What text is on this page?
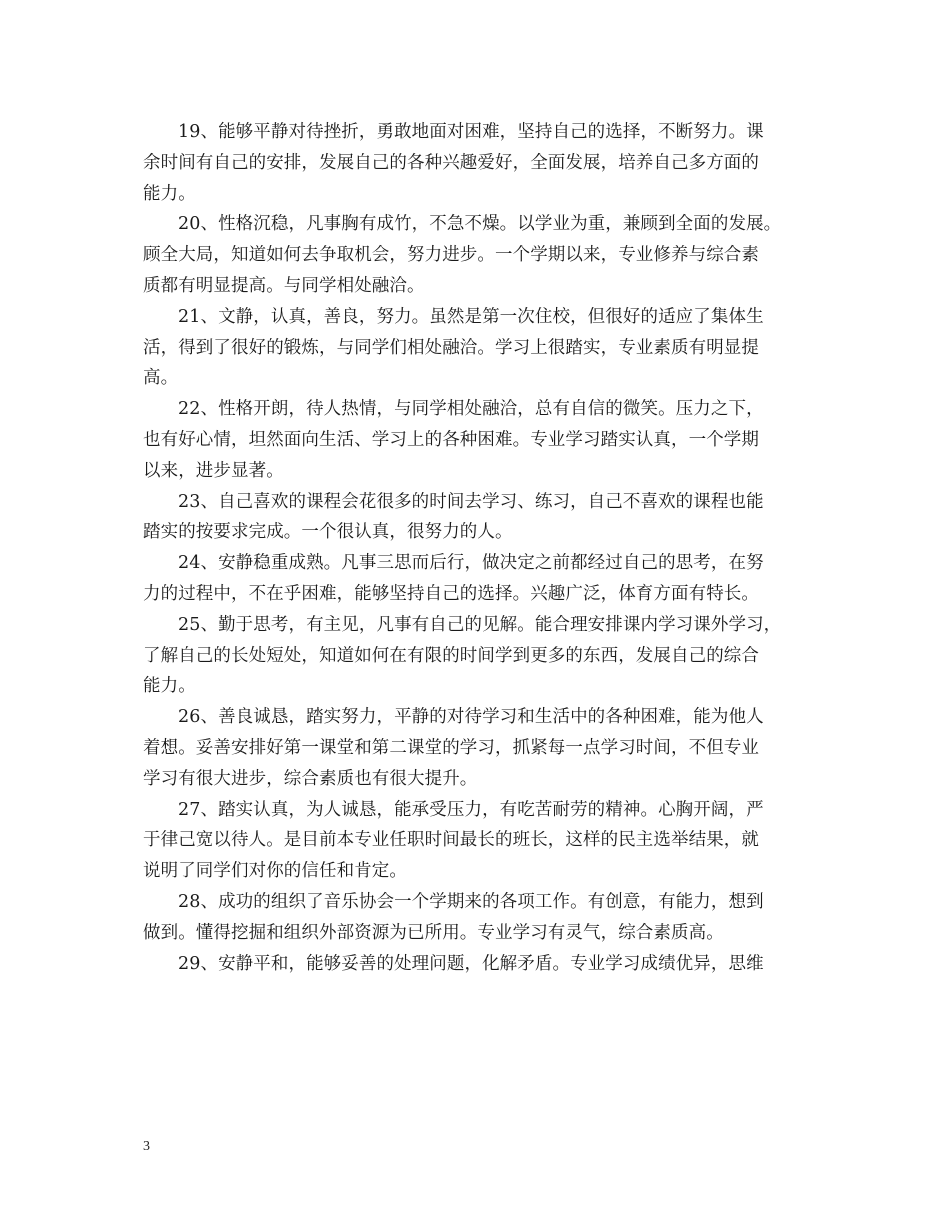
19、能够平静对待挫折，勇敢地面对困难，坚持自己的选择，不断努力。课
余时间有自己的安排，发展自己的各种兴趣爱好，全面发展，培养自己多方面的
能力。

20、性格沉稳，凡事胸有成竹，不急不燥。以学业为重，兼顾到全面的发展。
顾全大局，知道如何去争取机会，努力进步。一个学期以来，专业修养与综合素
质都有明显提高。与同学相处融洽。

21、文静，认真，善良，努力。虽然是第一次住校，但很好的适应了集体生
活，得到了很好的锻炼，与同学们相处融洽。学习上很踏实，专业素质有明显提
高。

22、性格开朗，待人热情，与同学相处融洽，总有自信的微笑。压力之下，
也有好心情，坦然面向生活、学习上的各种困难。专业学习踏实认真，一个学期
以来，进步显著。

23、自己喜欢的课程会花很多的时间去学习、练习，自己不喜欢的课程也能
踏实的按要求完成。一个很认真，很努力的人。

24、安静稳重成熟。凡事三思而后行，做决定之前都经过自己的思考，在努
力的过程中，不在乎困难，能够坚持自己的选择。兴趣广泛，体育方面有特长。

25、勤于思考，有主见，凡事有自己的见解。能合理安排课内学习课外学习，
了解自己的长处短处，知道如何在有限的时间学到更多的东西，发展自己的综合
能力。

26、善良诚恳，踏实努力，平静的对待学习和生活中的各种困难，能为他人
着想。妥善安排好第一课堂和第二课堂的学习，抓紧每一点学习时间，不但专业
学习有很大进步，综合素质也有很大提升。

27、踏实认真，为人诚恳，能承受压力，有吃苦耐劳的精神。心胸开阔，严
于律己宽以待人。是目前本专业任职时间最长的班长，这样的民主选举结果，就
说明了同学们对你的信任和肯定。

28、成功的组织了音乐协会一个学期来的各项工作。有创意，有能力，想到
做到。懂得挖掘和组织外部资源为已所用。专业学习有灵气，综合素质高。

29、安静平和，能够妥善的处理问题，化解矛盾。专业学习成绩优异，思维

3
